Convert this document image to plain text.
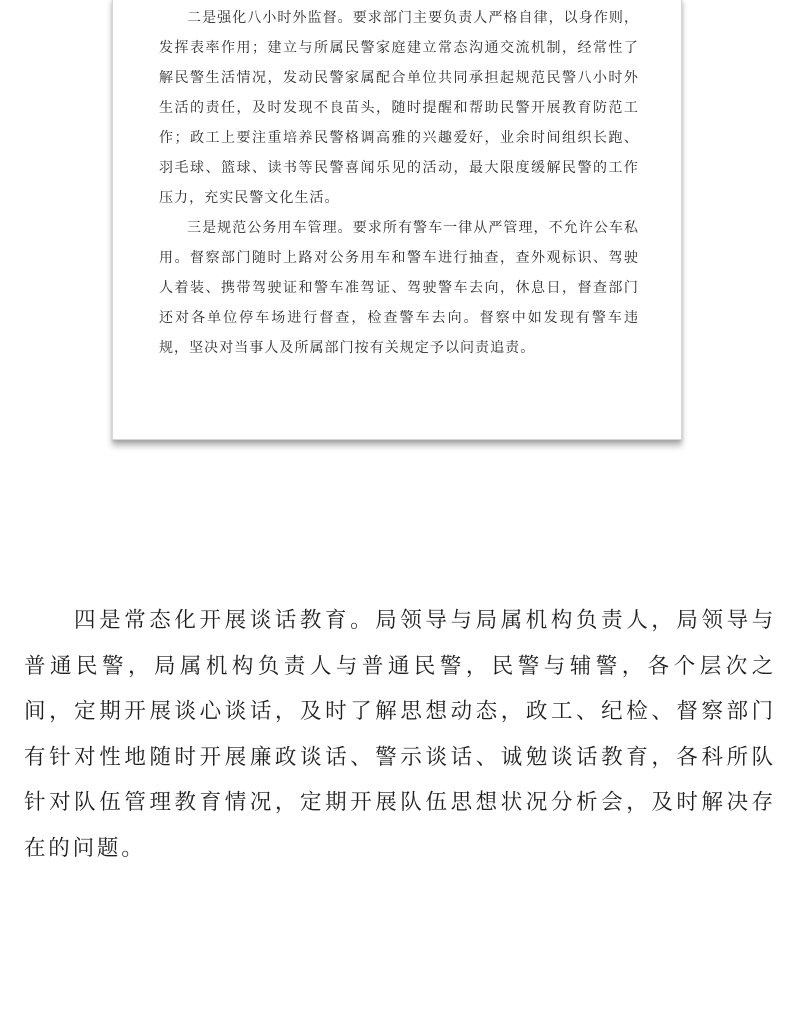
二是强化八小时外监督。要求部门主要负责人严格自律，以身作则，发挥表率作用；建立与所属民警家庭建立常态沟通交流机制，经常性了解民警生活情况，发动民警家属配合单位共同承担起规范民警八小时外生活的责任，及时发现不良苗头，随时提醒和帮助民警开展教育防范工作；政工上要注重培养民警格调高雅的兴趣爱好，业余时间组织长跑、羽毛球、篮球、读书等民警喜闻乐见的活动，最大限度缓解民警的工作压力，充实民警文化生活。

三是规范公务用车管理。要求所有警车一律从严管理，不允许公车私用。督察部门随时上路对公务用车和警车进行抽查，查外观标识、驾驶人着装、携带驾驶证和警车准驾证、驾驶警车去向，休息日，督查部门还对各单位停车场进行督查，检查警车去向。督察中如发现有警车违规，坚决对当事人及所属部门按有关规定予以问责追责。

四是常态化开展谈话教育。局领导与局属机构负责人，局领导与普通民警，局属机构负责人与普通民警，民警与辅警，各个层次之间，定期开展谈心谈话，及时了解思想动态，政工、纪检、督察部门有针对性地随时开展廉政谈话、警示谈话、诚勉谈话教育，各科所队针对队伍管理教育情况，定期开展队伍思想状况分析会，及时解决存在的问题。
